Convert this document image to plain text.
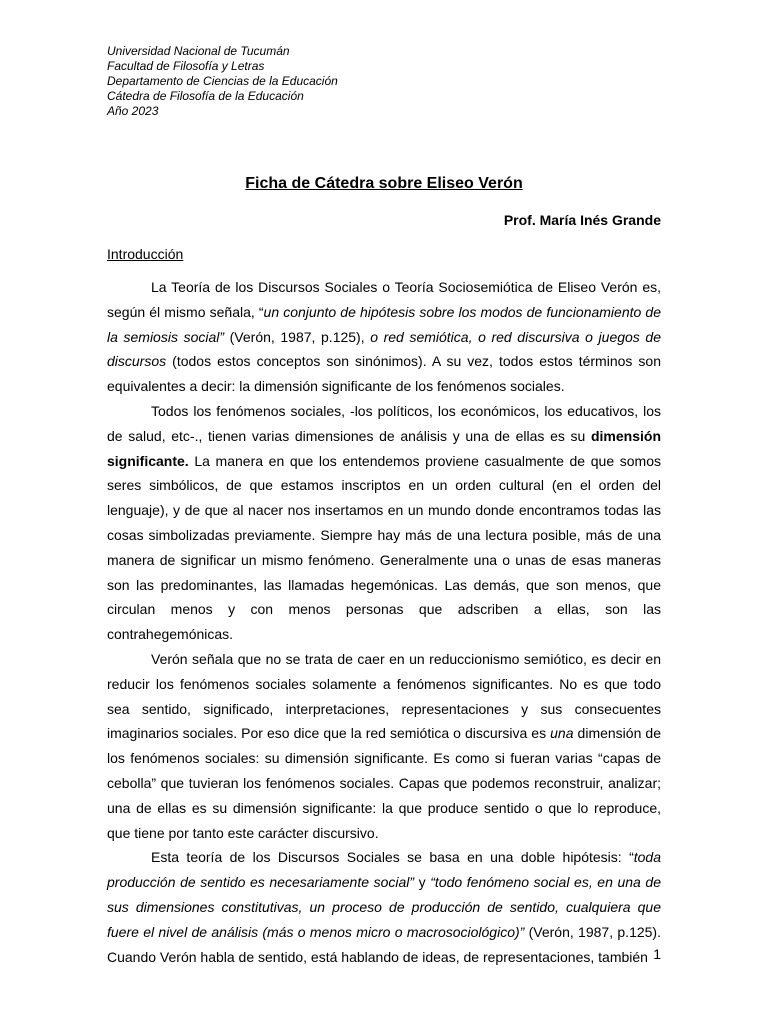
Universidad Nacional de Tucumán
Facultad de Filosofía y Letras
Departamento de Ciencias de la Educación
Cátedra de Filosofía de la Educación
Año 2023
Ficha de Cátedra sobre Eliseo Verón
Prof. María Inés Grande
Introducción

La Teoría de los Discursos Sociales o Teoría Sociosemiótica de Eliseo Verón es, según él mismo señala, “un conjunto de hipótesis sobre los modos de funcionamiento de la semiosis social” (Verón, 1987, p.125), o red semiótica, o red discursiva o juegos de discursos (todos estos conceptos son sinónimos). A su vez, todos estos términos son equivalentes a decir: la dimensión significante de los fenómenos sociales.

Todos los fenómenos sociales, -los políticos, los económicos, los educativos, los de salud, etc-., tienen varias dimensiones de análisis y una de ellas es su dimensión significante. La manera en que los entendemos proviene casualmente de que somos seres simbólicos, de que estamos inscriptos en un orden cultural (en el orden del lenguaje), y de que al nacer nos insertamos en un mundo donde encontramos todas las cosas simbolizadas previamente. Siempre hay más de una lectura posible, más de una manera de significar un mismo fenómeno. Generalmente una o unas de esas maneras son las predominantes, las llamadas hegemónicas. Las demás, que son menos, que circulan menos y con menos personas que adscriben a ellas, son las contrahegemónicas.

Verón señala que no se trata de caer en un reduccionismo semiótico, es decir en reducir los fenómenos sociales solamente a fenómenos significantes. No es que todo sea sentido, significado, interpretaciones, representaciones y sus consecuentes imaginarios sociales. Por eso dice que la red semiótica o discursiva es una dimensión de los fenómenos sociales: su dimensión significante. Es como si fueran varias “capas de cebolla” que tuvieran los fenómenos sociales. Capas que podemos reconstruir, analizar; una de ellas es su dimensión significante: la que produce sentido o que lo reproduce, que tiene por tanto este carácter discursivo.

Esta teoría de los Discursos Sociales se basa en una doble hipótesis: “toda producción de sentido es necesariamente social” y “todo fenómeno social es, en una de sus dimensiones constitutivas, un proceso de producción de sentido, cualquiera que fuere el nivel de análisis (más o menos micro o macrosociológico)” (Verón, 1987, p.125). Cuando Verón habla de sentido, está hablando de ideas, de representaciones, también 1
